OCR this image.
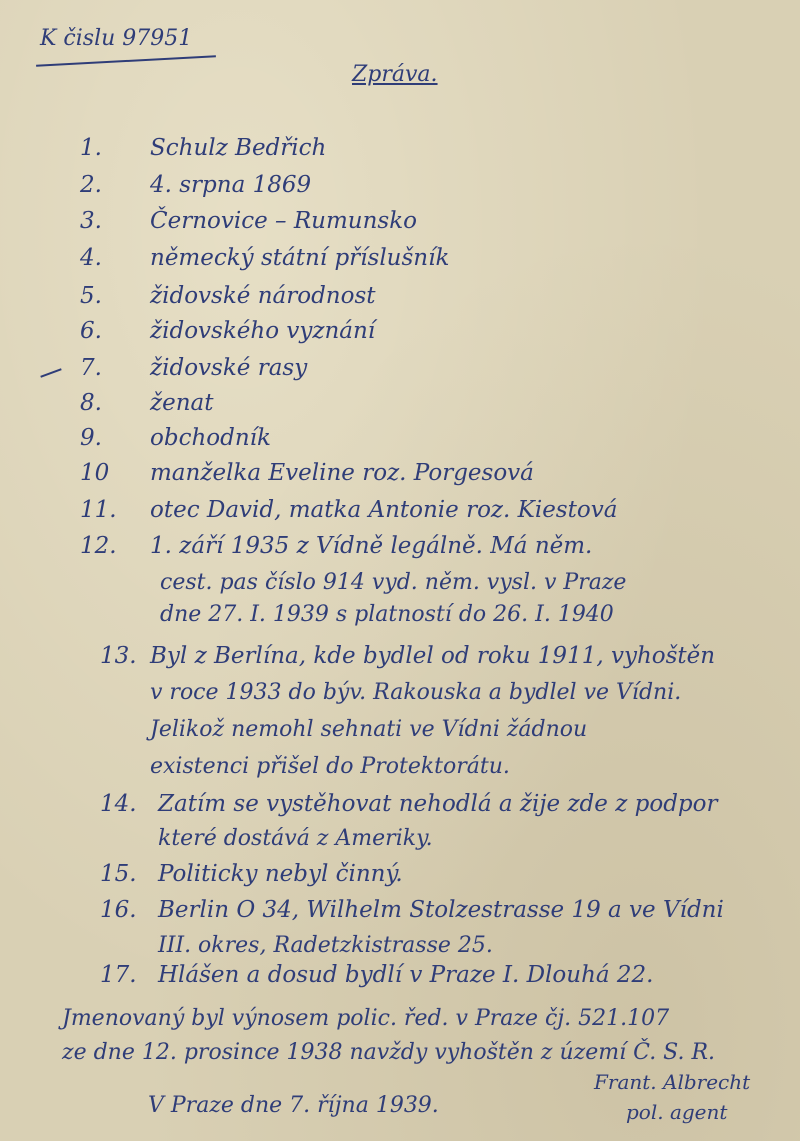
K čislu 97951
Zpráva.
1.	Schulz Bedřich
2.	4. srpna 1869
3.	Černovice – Rumunsko
4.	německý státní příslušník
5.	židovské národnost
6.	židovského vyznání
7.	židovské rasy
8.	ženat
9.	obchodník
10	manželka Eveline roz. Porgesová
11.	otec David, matka Antonie roz. Kiestová
12.	1. září 1935 z Vídně legálně. Má něm.
cest. pas číslo 914 vyd. něm. vysl. v Praze
dne 27. I. 1939 s platností do 26. I. 1940
13. Byl z Berlína, kde bydlel od roku 1911, vyhoštěn
v roce 1933 do býv. Rakouska a bydlel ve Vídni.
Jelikož nemohl sehnati ve Vídni žádnou
existenci přišel do Protektorátu.
14. Zatím se vystěhovat nehodlá a žije zde z podpor
které dostává z Ameriky.
15. Politicky nebyl činný.
16. Berlin O 34, Wilhelm Stolzestrasse 19 a ve Vídni
III. okres, Radetzkistrasse 25.
17. Hlášen a dosud bydlí v Praze I. Dlouhá 22.
Jmenovaný byl výnosem polic. řed. v Praze čj. 521.107
ze dne 12. prosince 1938 navždy vyhoštěn z území Č. S. R.
V Praze dne 7. října 1939.
Frant. Albrecht
pol. agent
